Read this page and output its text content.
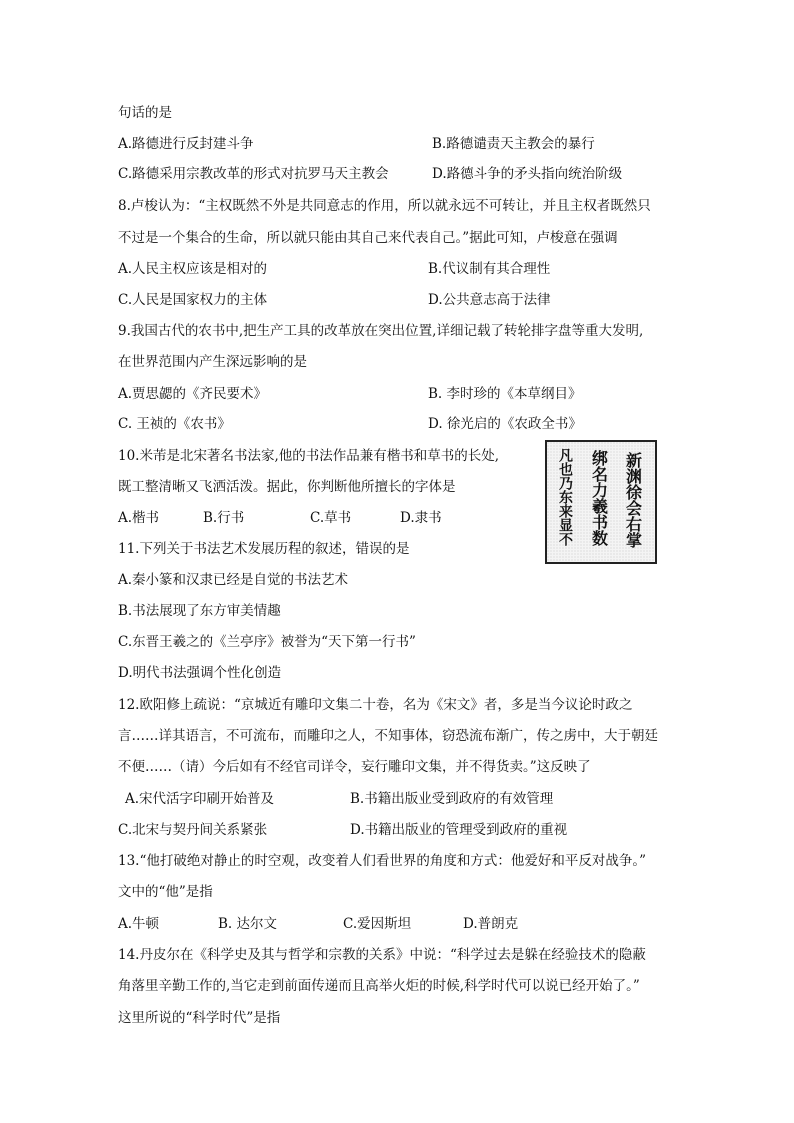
句话的是
A.路德进行反封建斗争	B.路德谴责天主教会的暴行
C.路德采用宗教改革的形式对抗罗马天主教会	D.路德斗争的矛头指向统治阶级
8.卢梭认为：“主权既然不外是共同意志的作用，所以就永远不可转让，并且主权者既然只
不过是一个集合的生命，所以就只能由其自己来代表自己。”据此可知，卢梭意在强调
A.人民主权应该是相对的	B.代议制有其合理性
C.人民是国家权力的主体	D.公共意志高于法律
9.我国古代的农书中,把生产工具的改革放在突出位置,详细记载了转轮排字盘等重大发明,
在世界范围内产生深远影响的是
A.贾思勰的《齐民要术》	B. 李时珍的《本草纲目》
C. 王祯的《农书》	D. 徐光启的《农政全书》
10.米芾是北宋著名书法家,他的书法作品兼有楷书和草书的长处,
既工整清晰又飞洒活泼。据此，你判断他所擅长的字体是
A.楷书	B.行书	C.草书	D.隶书	新渊徐会右掌
绑名力羲书数
凡也乃东来显不
11.下列关于书法艺术发展历程的叙述，错误的是
A.秦小篆和汉隶已经是自觉的书法艺术
B.书法展现了东方审美情趣
C.东晋王羲之的《兰亭序》被誉为“天下第一行书”
D.明代书法强调个性化创造
12.欧阳修上疏说：“京城近有雕印文集二十卷，名为《宋文》者，多是当今议论时政之
言……详其语言，不可流布，而雕印之人，不知事体，窃恐流布渐广，传之虏中，大于朝廷
不便……（请）今后如有不经官司详令，妄行雕印文集，并不得货卖。”这反映了
A.宋代活字印刷开始普及	B.书籍出版业受到政府的有效管理
C.北宋与契丹间关系紧张	D.书籍出版业的管理受到政府的重视
13.“他打破绝对静止的时空观，改变着人们看世界的角度和方式：他爱好和平反对战争。”
文中的“他”是指
A.牛顿	B. 达尔文	C.爱因斯坦	D.普朗克
14.丹皮尔在《科学史及其与哲学和宗教的关系》中说：“科学过去是躲在经验技术的隐蔽
角落里辛勤工作的,当它走到前面传递而且高举火炬的时候,科学时代可以说已经开始了。”
这里所说的“科学时代”是指
